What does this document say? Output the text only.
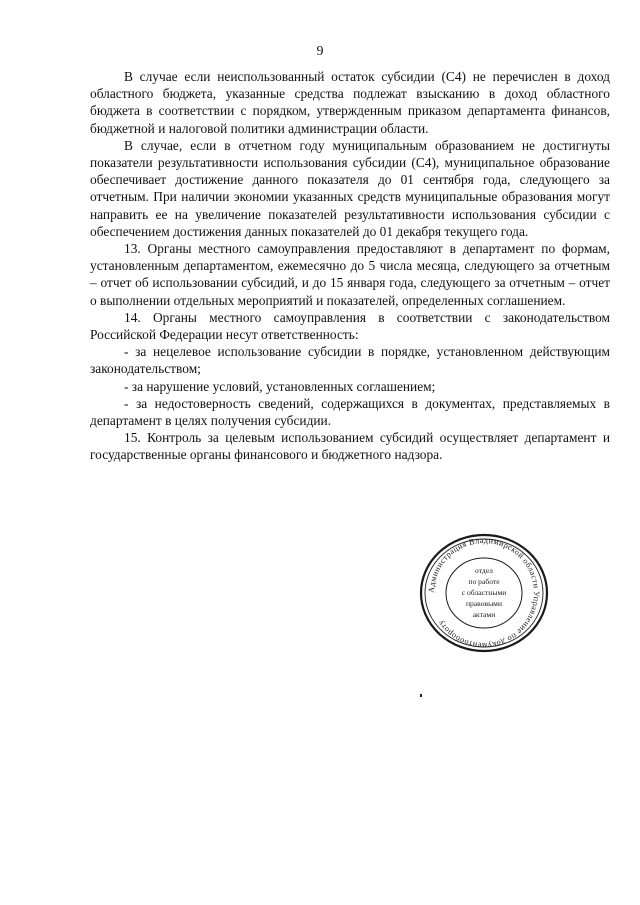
9

В случае если неиспользованный остаток субсидии (С4) не перечислен в доход областного бюджета, указанные средства подлежат взысканию в доход областного бюджета в соответствии с порядком, утвержденным приказом департамента финансов, бюджетной и налоговой политики администрации области.

В случае, если в отчетном году муниципальным образованием не достигнуты показатели результативности использования субсидии (С4), муниципальное образование обеспечивает достижение данного показателя до 01 сентября года, следующего за отчетным. При наличии экономии указанных средств муниципальные образования могут направить ее на увеличение показателей результативности использования субсидии с обеспечением достижения данных показателей до 01 декабря текущего года.

13. Органы местного самоуправления предоставляют в департамент по формам, установленным департаментом, ежемесячно до 5 числа месяца, следующего за отчетным – отчет об использовании субсидий, и до 15 января года, следующего за отчетным – отчет о выполнении отдельных мероприятий и показателей, определенных соглашением.

14. Органы местного самоуправления в соответствии с законодательством Российской Федерации несут ответственность:

- за нецелевое использование субсидии в порядке, установленном действующим законодательством;

- за нарушение условий, установленных соглашением;

- за недостоверность сведений, содержащихся в документах, представляемых в департамент в целях получения субсидии.

15. Контроль за целевым использованием субсидий осуществляет департамент и государственные органы финансового и бюджетного надзора.

Администрация Владимирской области Управление по документообороту
отдел
по работе
с областными
правовыми
актами
